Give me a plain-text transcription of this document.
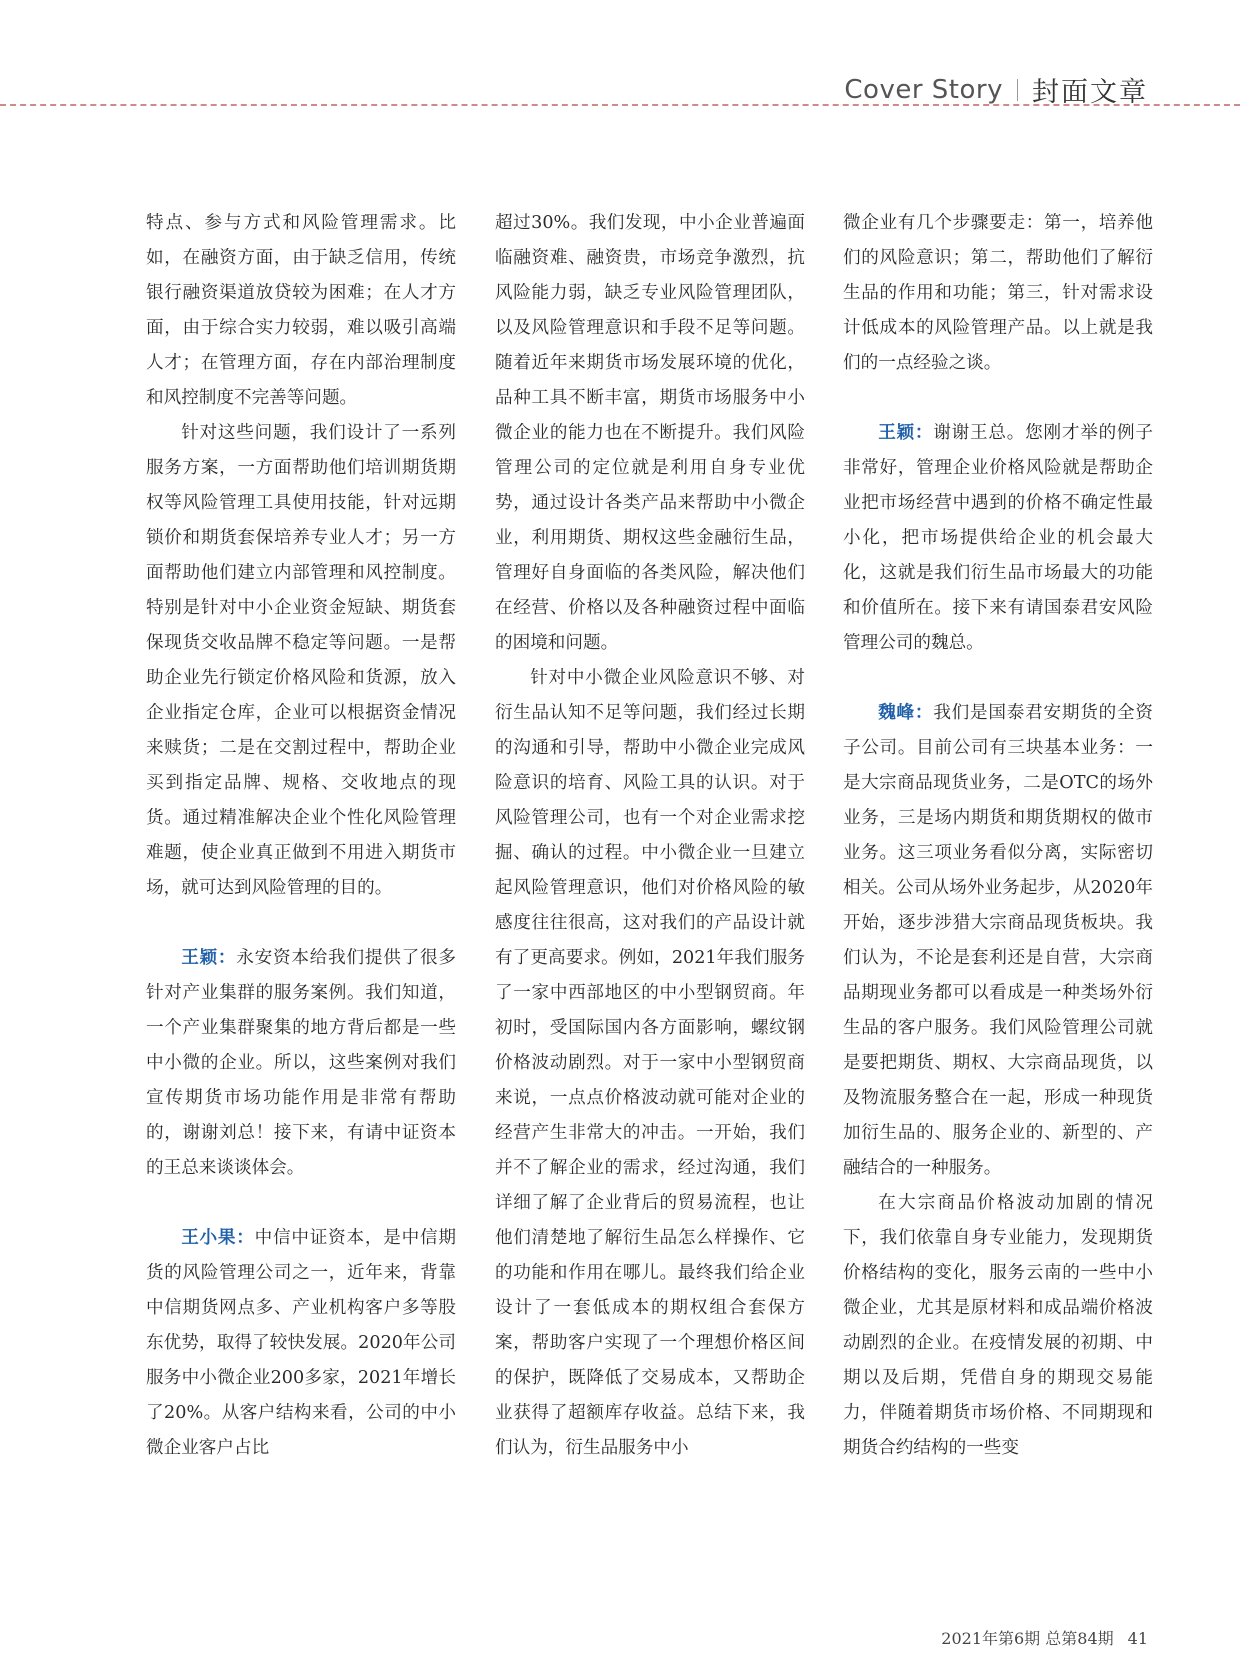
Cover Story 封面文章

特点、参与方式和风险管理需求。比如，在融资方面，由于缺乏信用，传统银行融资渠道放贷较为困难；在人才方面，由于综合实力较弱，难以吸引高端人才；在管理方面，存在内部治理制度和风控制度不完善等问题。

针对这些问题，我们设计了一系列服务方案，一方面帮助他们培训期货期权等风险管理工具使用技能，针对远期锁价和期货套保培养专业人才；另一方面帮助他们建立内部管理和风控制度。特别是针对中小企业资金短缺、期货套保现货交收品牌不稳定等问题。一是帮助企业先行锁定价格风险和货源，放入企业指定仓库，企业可以根据资金情况来赎货；二是在交割过程中，帮助企业买到指定品牌、规格、交收地点的现货。通过精准解决企业个性化风险管理难题，使企业真正做到不用进入期货市场，就可达到风险管理的目的。

王颖：永安资本给我们提供了很多针对产业集群的服务案例。我们知道，一个产业集群聚集的地方背后都是一些中小微的企业。所以，这些案例对我们宣传期货市场功能作用是非常有帮助的，谢谢刘总！接下来，有请中证资本的王总来谈谈体会。

王小果：中信中证资本，是中信期货的风险管理公司之一，近年来，背靠中信期货网点多、产业机构客户多等股东优势，取得了较快发展。2020年公司服务中小微企业200多家，2021年增长了20%。从客户结构来看，公司的中小微企业客户占比

超过30%。我们发现，中小企业普遍面临融资难、融资贵，市场竞争激烈，抗风险能力弱，缺乏专业风险管理团队，以及风险管理意识和手段不足等问题。随着近年来期货市场发展环境的优化，品种工具不断丰富，期货市场服务中小微企业的能力也在不断提升。我们风险管理公司的定位就是利用自身专业优势，通过设计各类产品来帮助中小微企业，利用期货、期权这些金融衍生品，管理好自身面临的各类风险，解决他们在经营、价格以及各种融资过程中面临的困境和问题。

针对中小微企业风险意识不够、对衍生品认知不足等问题，我们经过长期的沟通和引导，帮助中小微企业完成风险意识的培育、风险工具的认识。对于风险管理公司，也有一个对企业需求挖掘、确认的过程。中小微企业一旦建立起风险管理意识，他们对价格风险的敏感度往往很高，这对我们的产品设计就有了更高要求。例如，2021年我们服务了一家中西部地区的中小型钢贸商。年初时，受国际国内各方面影响，螺纹钢价格波动剧烈。对于一家中小型钢贸商来说，一点点价格波动就可能对企业的经营产生非常大的冲击。一开始，我们并不了解企业的需求，经过沟通，我们详细了解了企业背后的贸易流程，也让他们清楚地了解衍生品怎么样操作、它的功能和作用在哪儿。最终我们给企业设计了一套低成本的期权组合套保方案，帮助客户实现了一个理想价格区间的保护，既降低了交易成本，又帮助企业获得了超额库存收益。总结下来，我们认为，衍生品服务中小

微企业有几个步骤要走：第一，培养他们的风险意识；第二，帮助他们了解衍生品的作用和功能；第三，针对需求设计低成本的风险管理产品。以上就是我们的一点经验之谈。

王颖：谢谢王总。您刚才举的例子非常好，管理企业价格风险就是帮助企业把市场经营中遇到的价格不确定性最小化，把市场提供给企业的机会最大化，这就是我们衍生品市场最大的功能和价值所在。接下来有请国泰君安风险管理公司的魏总。

魏峰：我们是国泰君安期货的全资子公司。目前公司有三块基本业务：一是大宗商品现货业务，二是OTC的场外业务，三是场内期货和期货期权的做市业务。这三项业务看似分离，实际密切相关。公司从场外业务起步，从2020年开始，逐步涉猎大宗商品现货板块。我们认为，不论是套利还是自营，大宗商品期现业务都可以看成是一种类场外衍生品的客户服务。我们风险管理公司就是要把期货、期权、大宗商品现货，以及物流服务整合在一起，形成一种现货加衍生品的、服务企业的、新型的、产融结合的一种服务。

在大宗商品价格波动加剧的情况下，我们依靠自身专业能力，发现期货价格结构的变化，服务云南的一些中小微企业，尤其是原材料和成品端价格波动剧烈的企业。在疫情发展的初期、中期以及后期，凭借自身的期现交易能力，伴随着期货市场价格、不同期现和期货合约结构的一些变

2021年第6期 总第84期 41
